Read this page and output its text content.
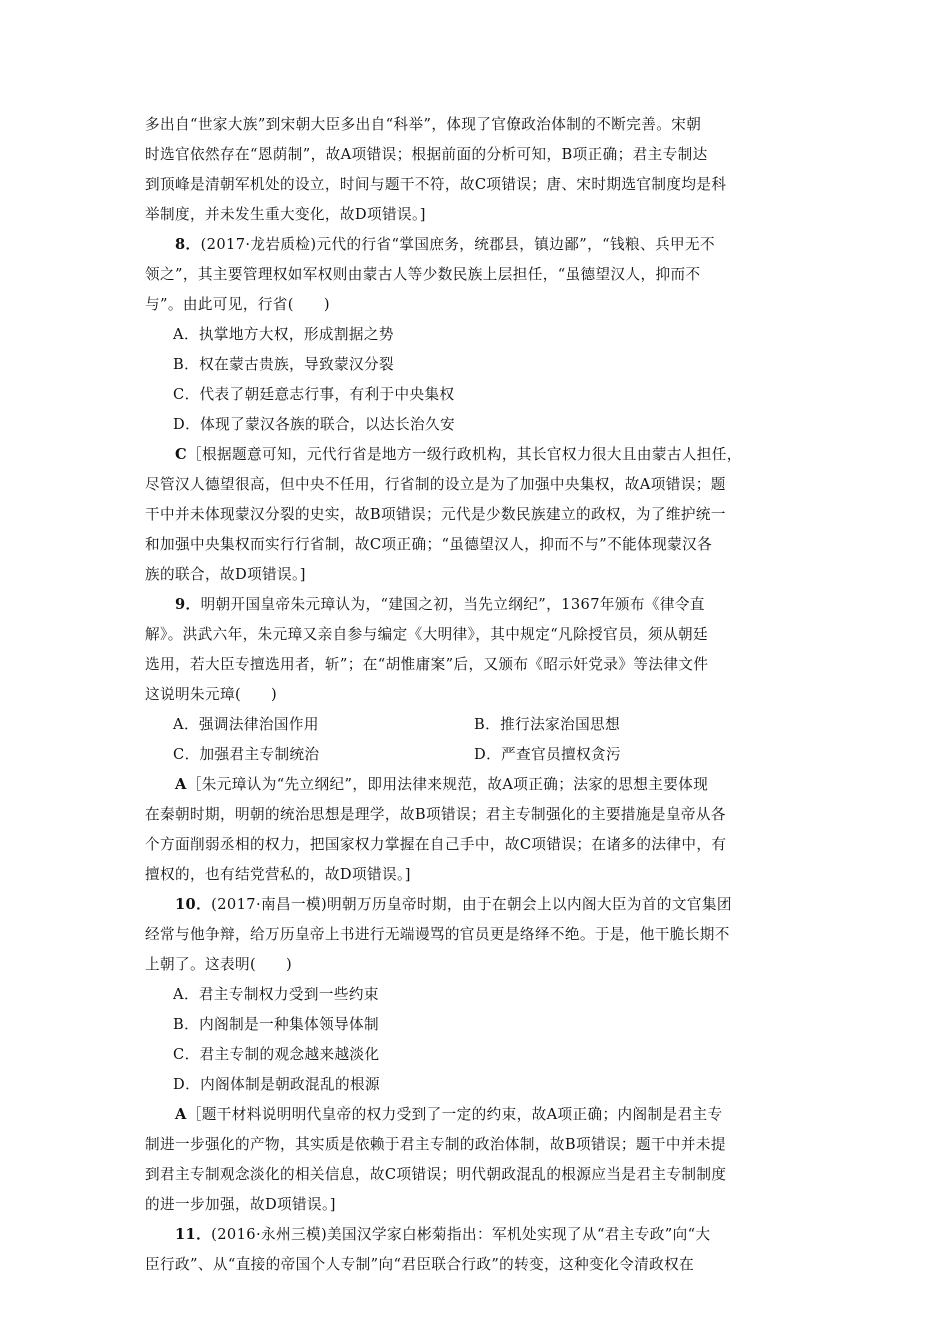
多出自“世家大族”到宋朝大臣多出自“科举”，体现了官僚政治体制的不断完善。宋朝
时选官依然存在“恩荫制”，故A项错误；根据前面的分析可知，B项正确；君主专制达
到顶峰是清朝军机处的设立，时间与题干不符，故C项错误；唐、宋时期选官制度均是科
举制度，并未发生重大变化，故D项错误。]
8．(2017·龙岩质检)元代的行省“掌国庶务，统郡县，镇边鄙”，“钱粮、兵甲无不
领之”，其主要管理权如军权则由蒙古人等少数民族上层担任，“虽德望汉人，抑而不
与”。由此可见，行省(　　)
A．执掌地方大权，形成割据之势
B．权在蒙古贵族，导致蒙汉分裂
C．代表了朝廷意志行事，有利于中央集权
D．体现了蒙汉各族的联合，以达长治久安
C［根据题意可知，元代行省是地方一级行政机构，其长官权力很大且由蒙古人担任，
尽管汉人德望很高，但中央不任用，行省制的设立是为了加强中央集权，故A项错误；题
干中并未体现蒙汉分裂的史实，故B项错误；元代是少数民族建立的政权，为了维护统一
和加强中央集权而实行行省制，故C项正确；“虽德望汉人，抑而不与”不能体现蒙汉各
族的联合，故D项错误。]
9．明朝开国皇帝朱元璋认为，“建国之初，当先立纲纪”，1367年颁布《律令直
解》。洪武六年，朱元璋又亲自参与编定《大明律》，其中规定“凡除授官员，须从朝廷
选用，若大臣专擅选用者，斩”；在“胡惟庸案”后，又颁布《昭示奸党录》等法律文件
这说明朱元璋(　　)
A．强调法律治国作用	B．推行法家治国思想
C．加强君主专制统治	D．严查官员擅权贪污
A［朱元璋认为“先立纲纪”，即用法律来规范，故A项正确；法家的思想主要体现
在秦朝时期，明朝的统治思想是理学，故B项错误；君主专制强化的主要措施是皇帝从各
个方面削弱丞相的权力，把国家权力掌握在自己手中，故C项错误；在诸多的法律中，有
擅权的，也有结党营私的，故D项错误。]
10．(2017·南昌一模)明朝万历皇帝时期，由于在朝会上以内阁大臣为首的文官集团
经常与他争辩，给万历皇帝上书进行无端谩骂的官员更是络绎不绝。于是，他干脆长期不
上朝了。这表明(　　)
A．君主专制权力受到一些约束
B．内阁制是一种集体领导体制
C．君主专制的观念越来越淡化
D．内阁体制是朝政混乱的根源
A［题干材料说明明代皇帝的权力受到了一定的约束，故A项正确；内阁制是君主专
制进一步强化的产物，其实质是依赖于君主专制的政治体制，故B项错误；题干中并未提
到君主专制观念淡化的相关信息，故C项错误；明代朝政混乱的根源应当是君主专制制度
的进一步加强，故D项错误。]
11．(2016·永州三模)美国汉学家白彬菊指出：军机处实现了从“君主专政”向“大
臣行政”、从“直接的帝国个人专制”向“君臣联合行政”的转变，这种变化令清政权在
